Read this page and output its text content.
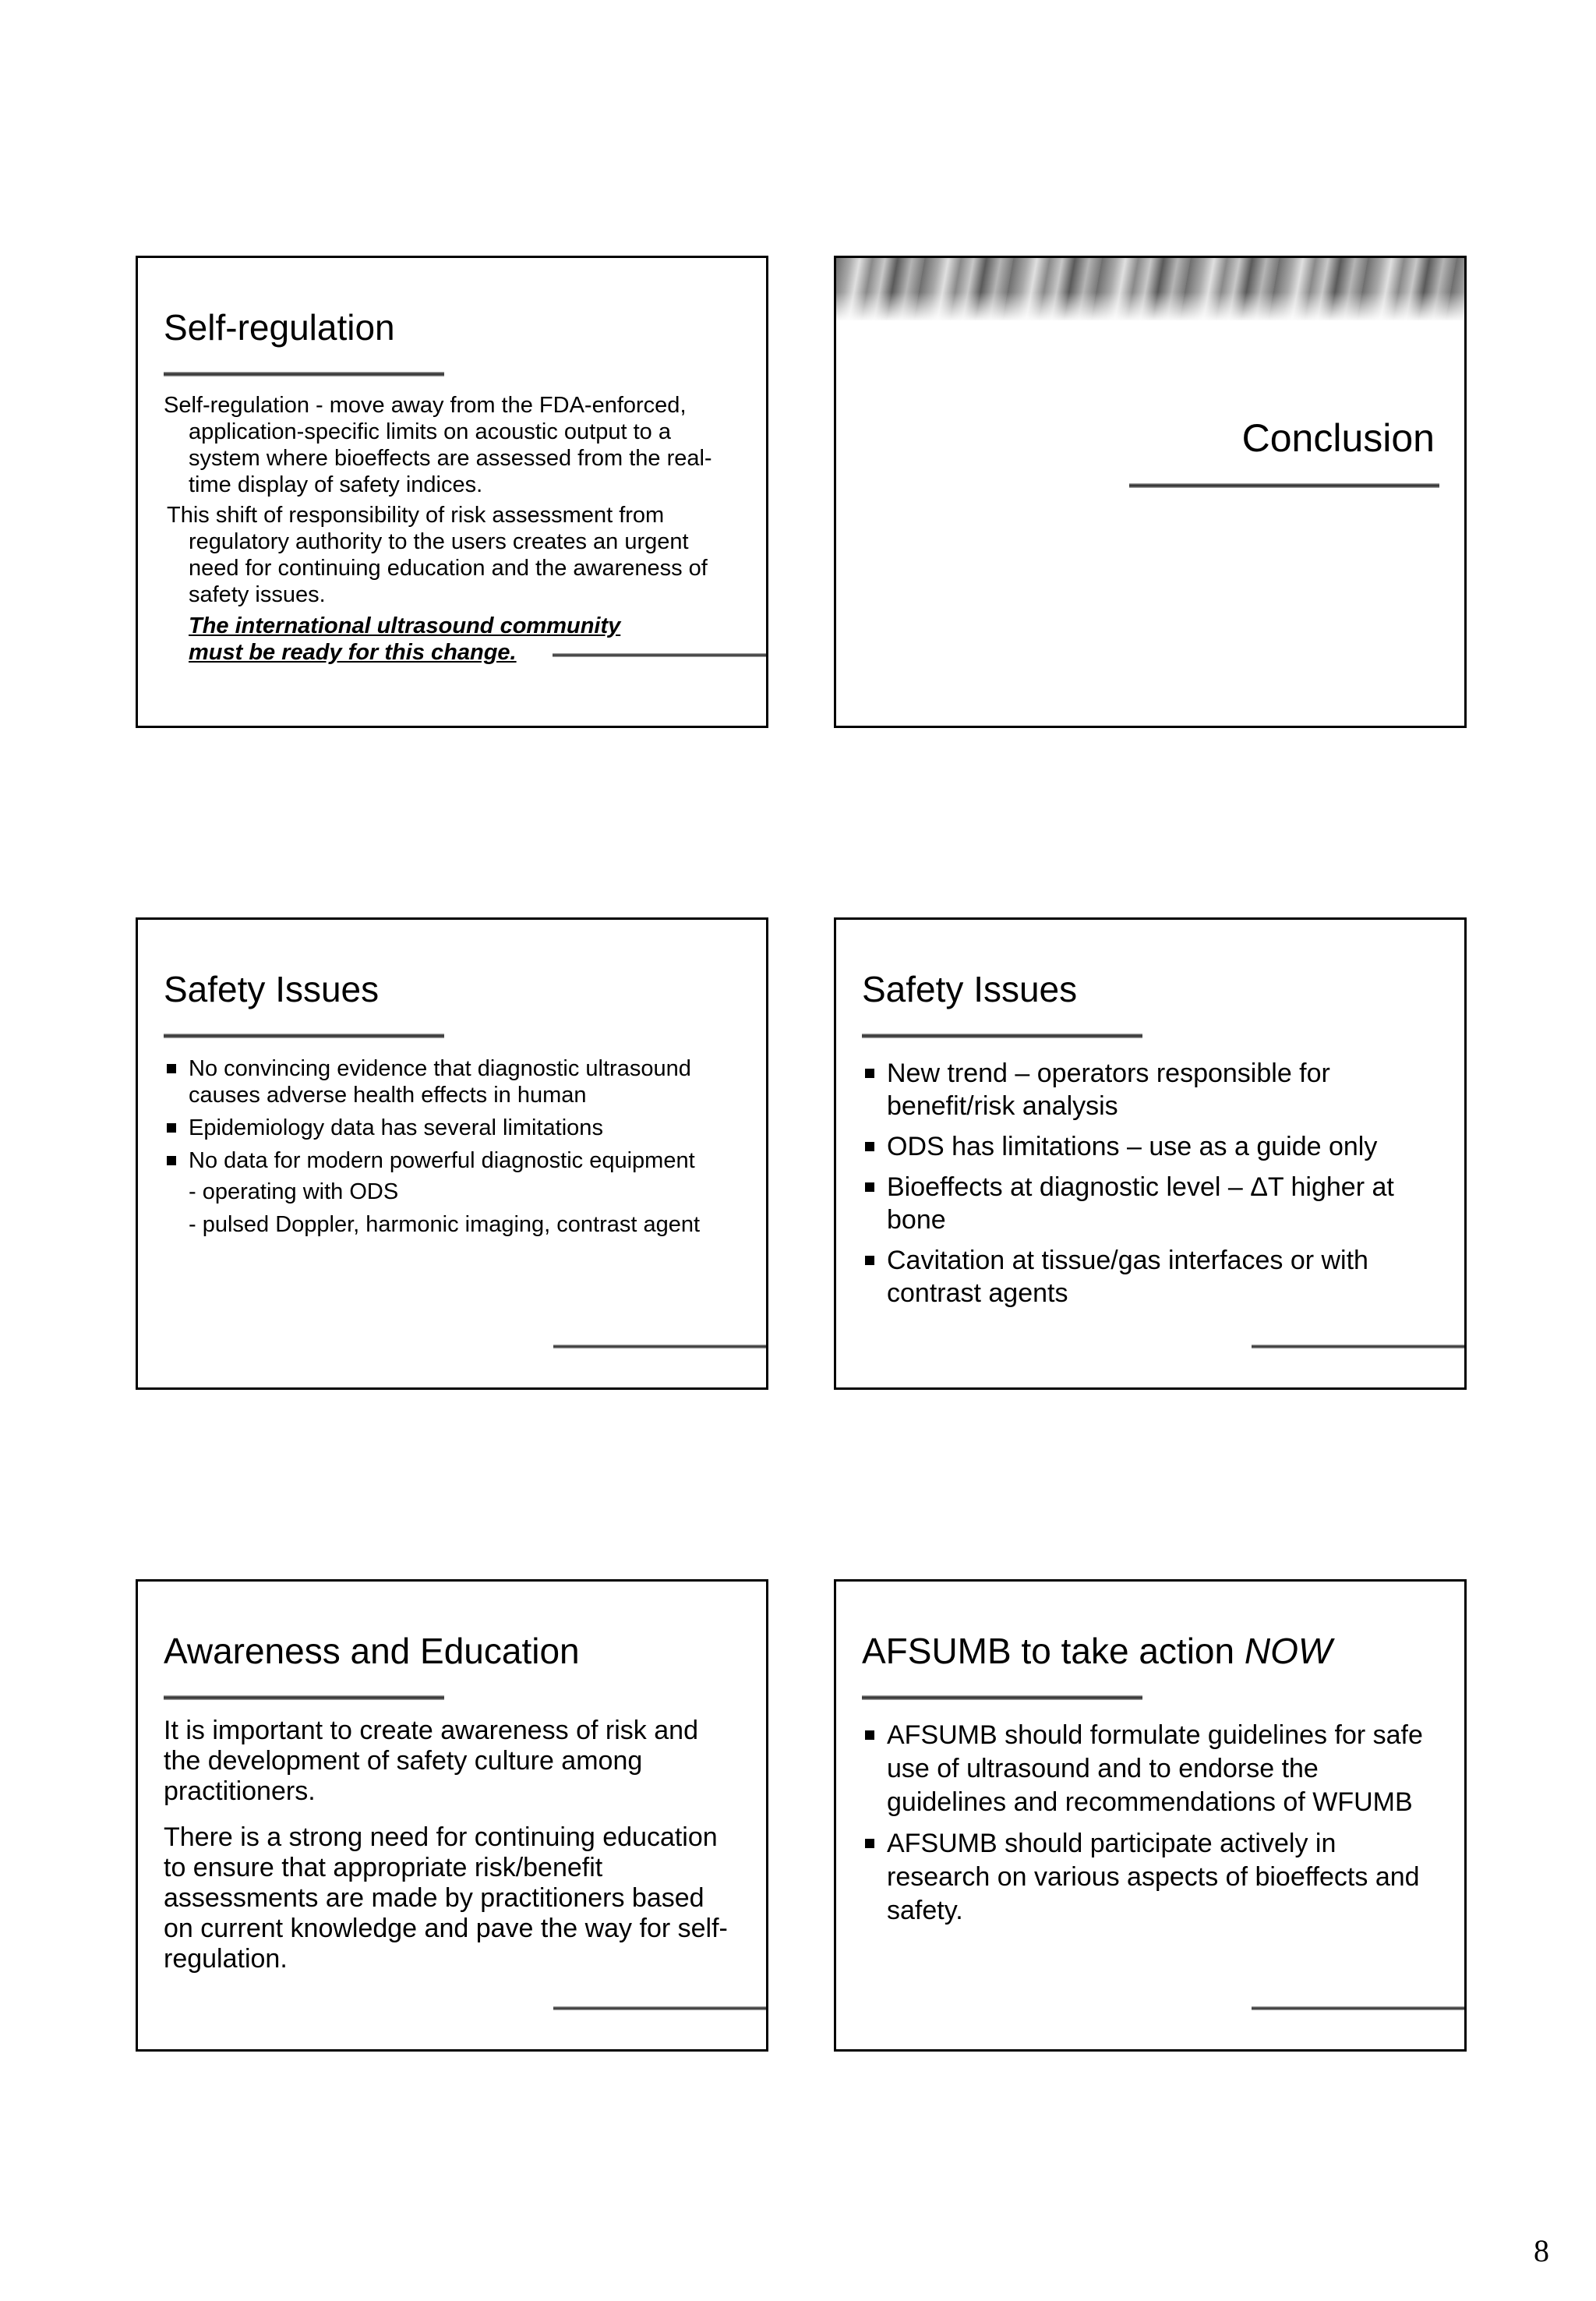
Self-regulation

Self-regulation - move away from the FDA-enforced, application-specific limits on acoustic output to a system where bioeffects are assessed from the real-time display of safety indices.

This shift of responsibility of risk assessment from regulatory authority to the users creates an urgent need for continuing education and the awareness of safety issues.

The international ultrasound community
must be ready for this change.
Conclusion
Safety Issues
No convincing evidence that diagnostic ultrasound causes adverse health effects in human
Epidemiology data has several limitations
No data for modern powerful diagnostic equipment
- operating with ODS
- pulsed Doppler, harmonic imaging, contrast agent
Safety Issues
New trend – operators responsible for benefit/risk analysis
ODS has limitations – use as a guide only
Bioeffects at diagnostic level – ΔT higher at bone
Cavitation at tissue/gas interfaces or with contrast agents
Awareness and Education

It is important to create awareness of risk and the development of safety culture among practitioners.

There is a strong need for continuing education to ensure that appropriate risk/benefit assessments are made by practitioners based on current knowledge and pave the way for self-regulation.

AFSUMB to take action NOW
AFSUMB should formulate guidelines for safe use of ultrasound and to endorse the guidelines and recommendations of WFUMB
AFSUMB should participate actively in research on various aspects of bioeffects and safety.
8
